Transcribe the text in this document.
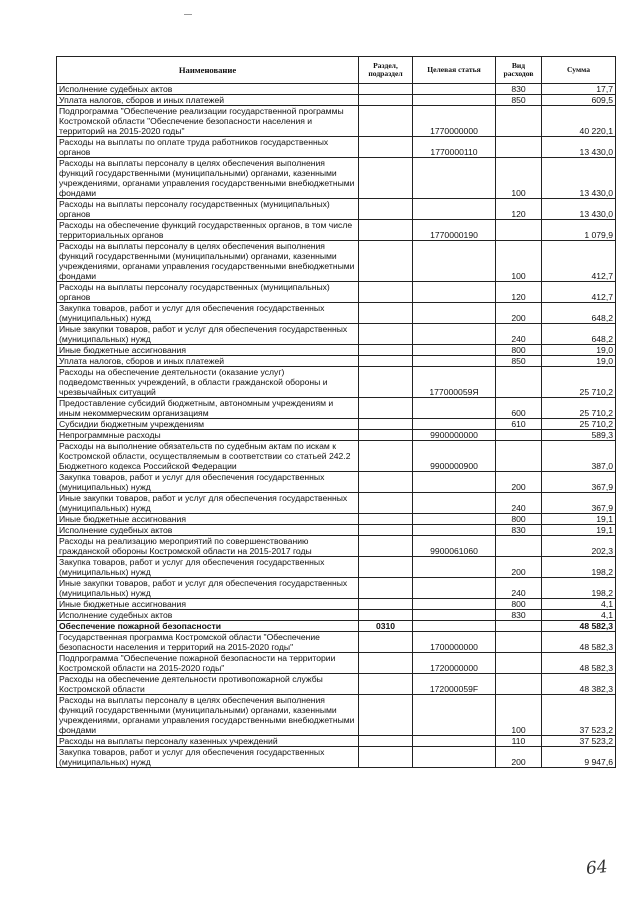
Наименование	Раздел, подраздел	Целевая статья	Вид расходов	Сумма
Исполнение судебных актов			830	17,7
Уплата налогов, сборов и иных платежей			850	609,5
Подпрограмма "Обеспечение реализации государственной программы Костромской области "Обеспечение безопасности населения и территорий на 2015-2020 годы"		1770000000		40 220,1
Расходы на выплаты по оплате труда работников государственных органов		1770000110		13 430,0
Расходы на выплаты персоналу в целях обеспечения выполнения функций государственными (муниципальными) органами, казенными учреждениями, органами управления государственными внебюджетными фондами			100	13 430,0
Расходы на выплаты персоналу государственных (муниципальных) органов			120	13 430,0
Расходы на обеспечение функций государственных органов, в том числе территориальных органов		1770000190		1 079,9
Расходы на выплаты персоналу в целях обеспечения выполнения функций государственными (муниципальными) органами, казенными учреждениями, органами управления государственными внебюджетными фондами			100	412,7
Расходы на выплаты персоналу государственных (муниципальных) органов			120	412,7
Закупка товаров, работ и услуг для обеспечения государственных (муниципальных) нужд			200	648,2
Иные закупки товаров, работ и услуг для обеспечения государственных (муниципальных) нужд			240	648,2
Иные бюджетные ассигнования			800	19,0
Уплата налогов, сборов и иных платежей			850	19,0
Расходы на обеспечение деятельности (оказание услуг) подведомственных учреждений, в области гражданской обороны и чрезвычайных ситуаций		177000059Я		25 710,2
Предоставление субсидий бюджетным, автономным учреждениям и иным некоммерческим организациям			600	25 710,2
Субсидии бюджетным учреждениям			610	25 710,2
Непрограммные расходы		9900000000		589,3
Расходы на выполнение обязательств по судебным актам по искам к Костромской области, осуществляемым в соответствии со статьей 242.2 Бюджетного кодекса Российской Федерации		9900000900		387,0
Закупка товаров, работ и услуг для обеспечения государственных (муниципальных) нужд			200	367,9
Иные закупки товаров, работ и услуг для обеспечения государственных (муниципальных) нужд			240	367,9
Иные бюджетные ассигнования			800	19,1
Исполнение судебных актов			830	19,1
Расходы на реализацию мероприятий по совершенствованию гражданской обороны Костромской области на 2015-2017 годы		9900061060		202,3
Закупка товаров, работ и услуг для обеспечения государственных (муниципальных) нужд			200	198,2
Иные закупки товаров, работ и услуг для обеспечения государственных (муниципальных) нужд			240	198,2
Иные бюджетные ассигнования			800	4,1
Исполнение судебных актов			830	4,1
Обеспечение пожарной безопасности	0310			48 582,3
Государственная программа Костромской области "Обеспечение безопасности населения и территорий на 2015-2020 годы"		1700000000		48 582,3
Подпрограмма "Обеспечение пожарной безопасности на территории Костромской области на 2015-2020 годы"		1720000000		48 582,3
Расходы на обеспечение деятельности противопожарной службы Костромской области		172000059F		48 382,3
Расходы на выплаты персоналу в целях обеспечения выполнения функций государственными (муниципальными) органами, казенными учреждениями, органами управления государственными внебюджетными фондами			100	37 523,2
Расходы на выплаты персоналу казенных учреждений			110	37 523,2
Закупка товаров, работ и услуг для обеспечения государственных (муниципальных) нужд			200	9 947,6
64
